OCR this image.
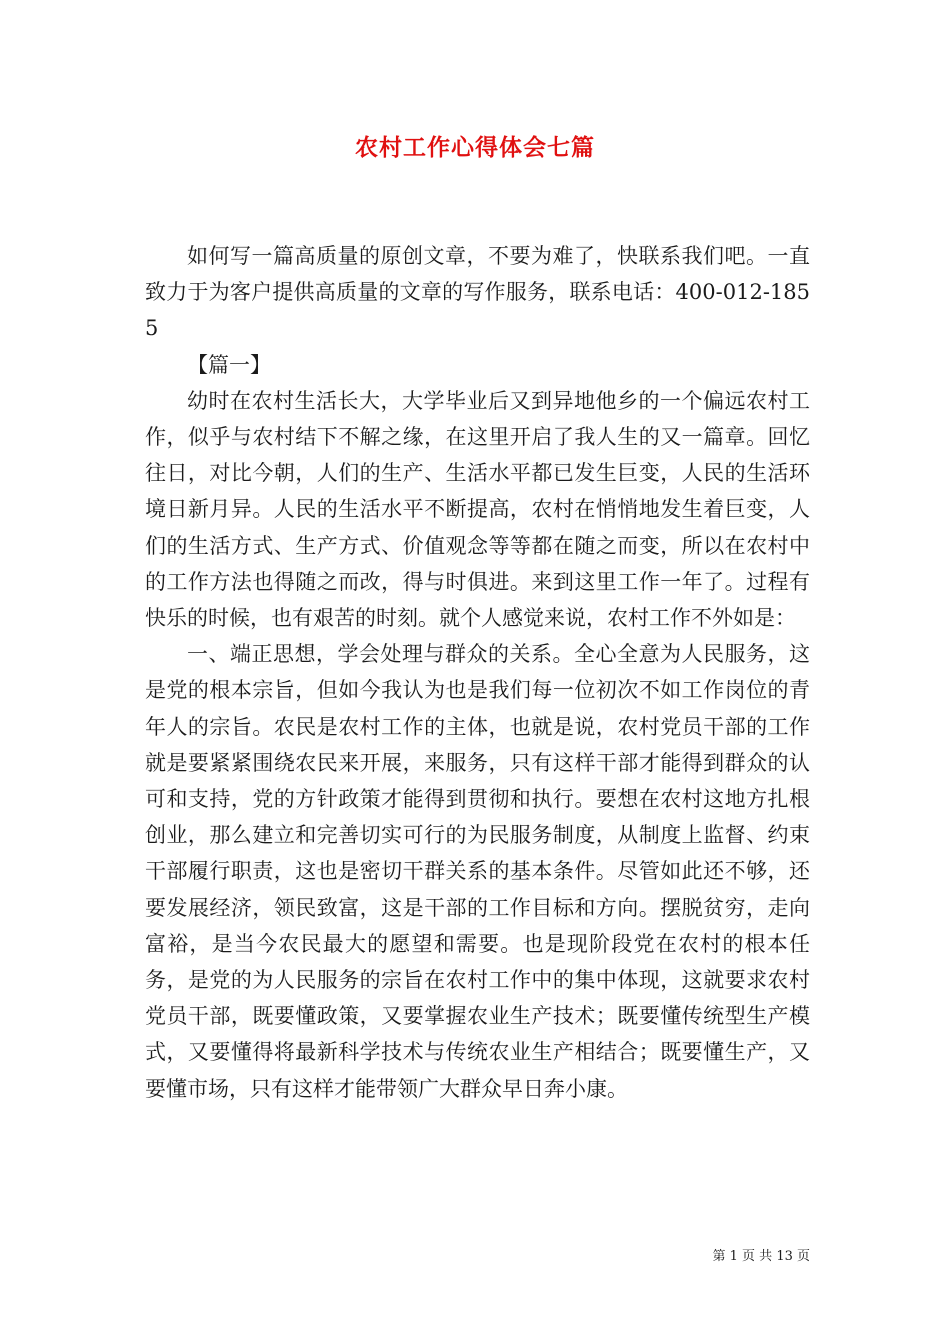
农村工作心得体会七篇

如何写一篇高质量的原创文章，不要为难了，快联系我们吧。一直致力于为客户提供高质量的文章的写作服务，联系电话：400-012-1855

【篇一】

幼时在农村生活长大，大学毕业后又到异地他乡的一个偏远农村工作，似乎与农村结下不解之缘，在这里开启了我人生的又一篇章。回忆往日，对比今朝，人们的生产、生活水平都已发生巨变，人民的生活环境日新月异。人民的生活水平不断提高，农村在悄悄地发生着巨变，人们的生活方式、生产方式、价值观念等等都在随之而变，所以在农村中的工作方法也得随之而改，得与时俱进。来到这里工作一年了。过程有快乐的时候，也有艰苦的时刻。就个人感觉来说，农村工作不外如是：

一、端正思想，学会处理与群众的关系。全心全意为人民服务，这是党的根本宗旨，但如今我认为也是我们每一位初次不如工作岗位的青年人的宗旨。农民是农村工作的主体，也就是说，农村党员干部的工作就是要紧紧围绕农民来开展，来服务，只有这样干部才能得到群众的认可和支持，党的方针政策才能得到贯彻和执行。要想在农村这地方扎根创业，那么建立和完善切实可行的为民服务制度，从制度上监督、约束干部履行职责，这也是密切干群关系的基本条件。尽管如此还不够，还要发展经济，领民致富，这是干部的工作目标和方向。摆脱贫穷，走向富裕，是当今农民最大的愿望和需要。也是现阶段党在农村的根本任务，是党的为人民服务的宗旨在农村工作中的集中体现，这就要求农村党员干部，既要懂政策，又要掌握农业生产技术；既要懂传统型生产模式，又要懂得将最新科学技术与传统农业生产相结合；既要懂生产，又要懂市场，只有这样才能带领广大群众早日奔小康。

第 1 页 共 13 页
